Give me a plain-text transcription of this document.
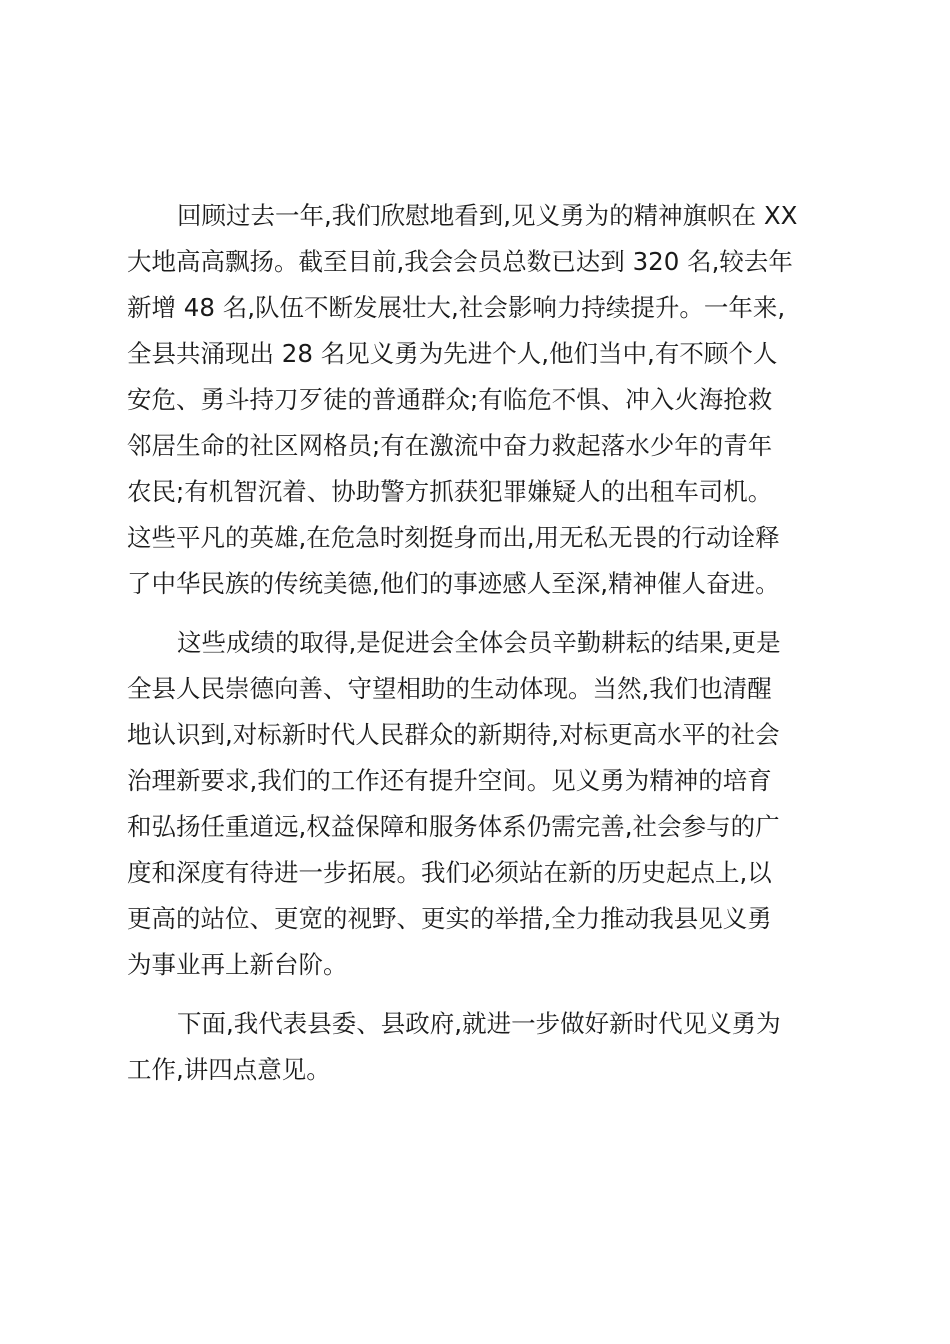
回顾过去一年,我们欣慰地看到,见义勇为的精神旗帜在 XX
大地高高飘扬。截至目前,我会会员总数已达到 320 名,较去年
新增 48 名,队伍不断发展壮大,社会影响力持续提升。一年来,
全县共涌现出 28 名见义勇为先进个人,他们当中,有不顾个人
安危、勇斗持刀歹徒的普通群众;有临危不惧、冲入火海抢救
邻居生命的社区网格员;有在激流中奋力救起落水少年的青年
农民;有机智沉着、协助警方抓获犯罪嫌疑人的出租车司机。
这些平凡的英雄,在危急时刻挺身而出,用无私无畏的行动诠释
了中华民族的传统美德,他们的事迹感人至深,精神催人奋进。
这些成绩的取得,是促进会全体会员辛勤耕耘的结果,更是
全县人民崇德向善、守望相助的生动体现。当然,我们也清醒
地认识到,对标新时代人民群众的新期待,对标更高水平的社会
治理新要求,我们的工作还有提升空间。见义勇为精神的培育
和弘扬任重道远,权益保障和服务体系仍需完善,社会参与的广
度和深度有待进一步拓展。我们必须站在新的历史起点上,以
更高的站位、更宽的视野、更实的举措,全力推动我县见义勇
为事业再上新台阶。
下面,我代表县委、县政府,就进一步做好新时代见义勇为
工作,讲四点意见。
